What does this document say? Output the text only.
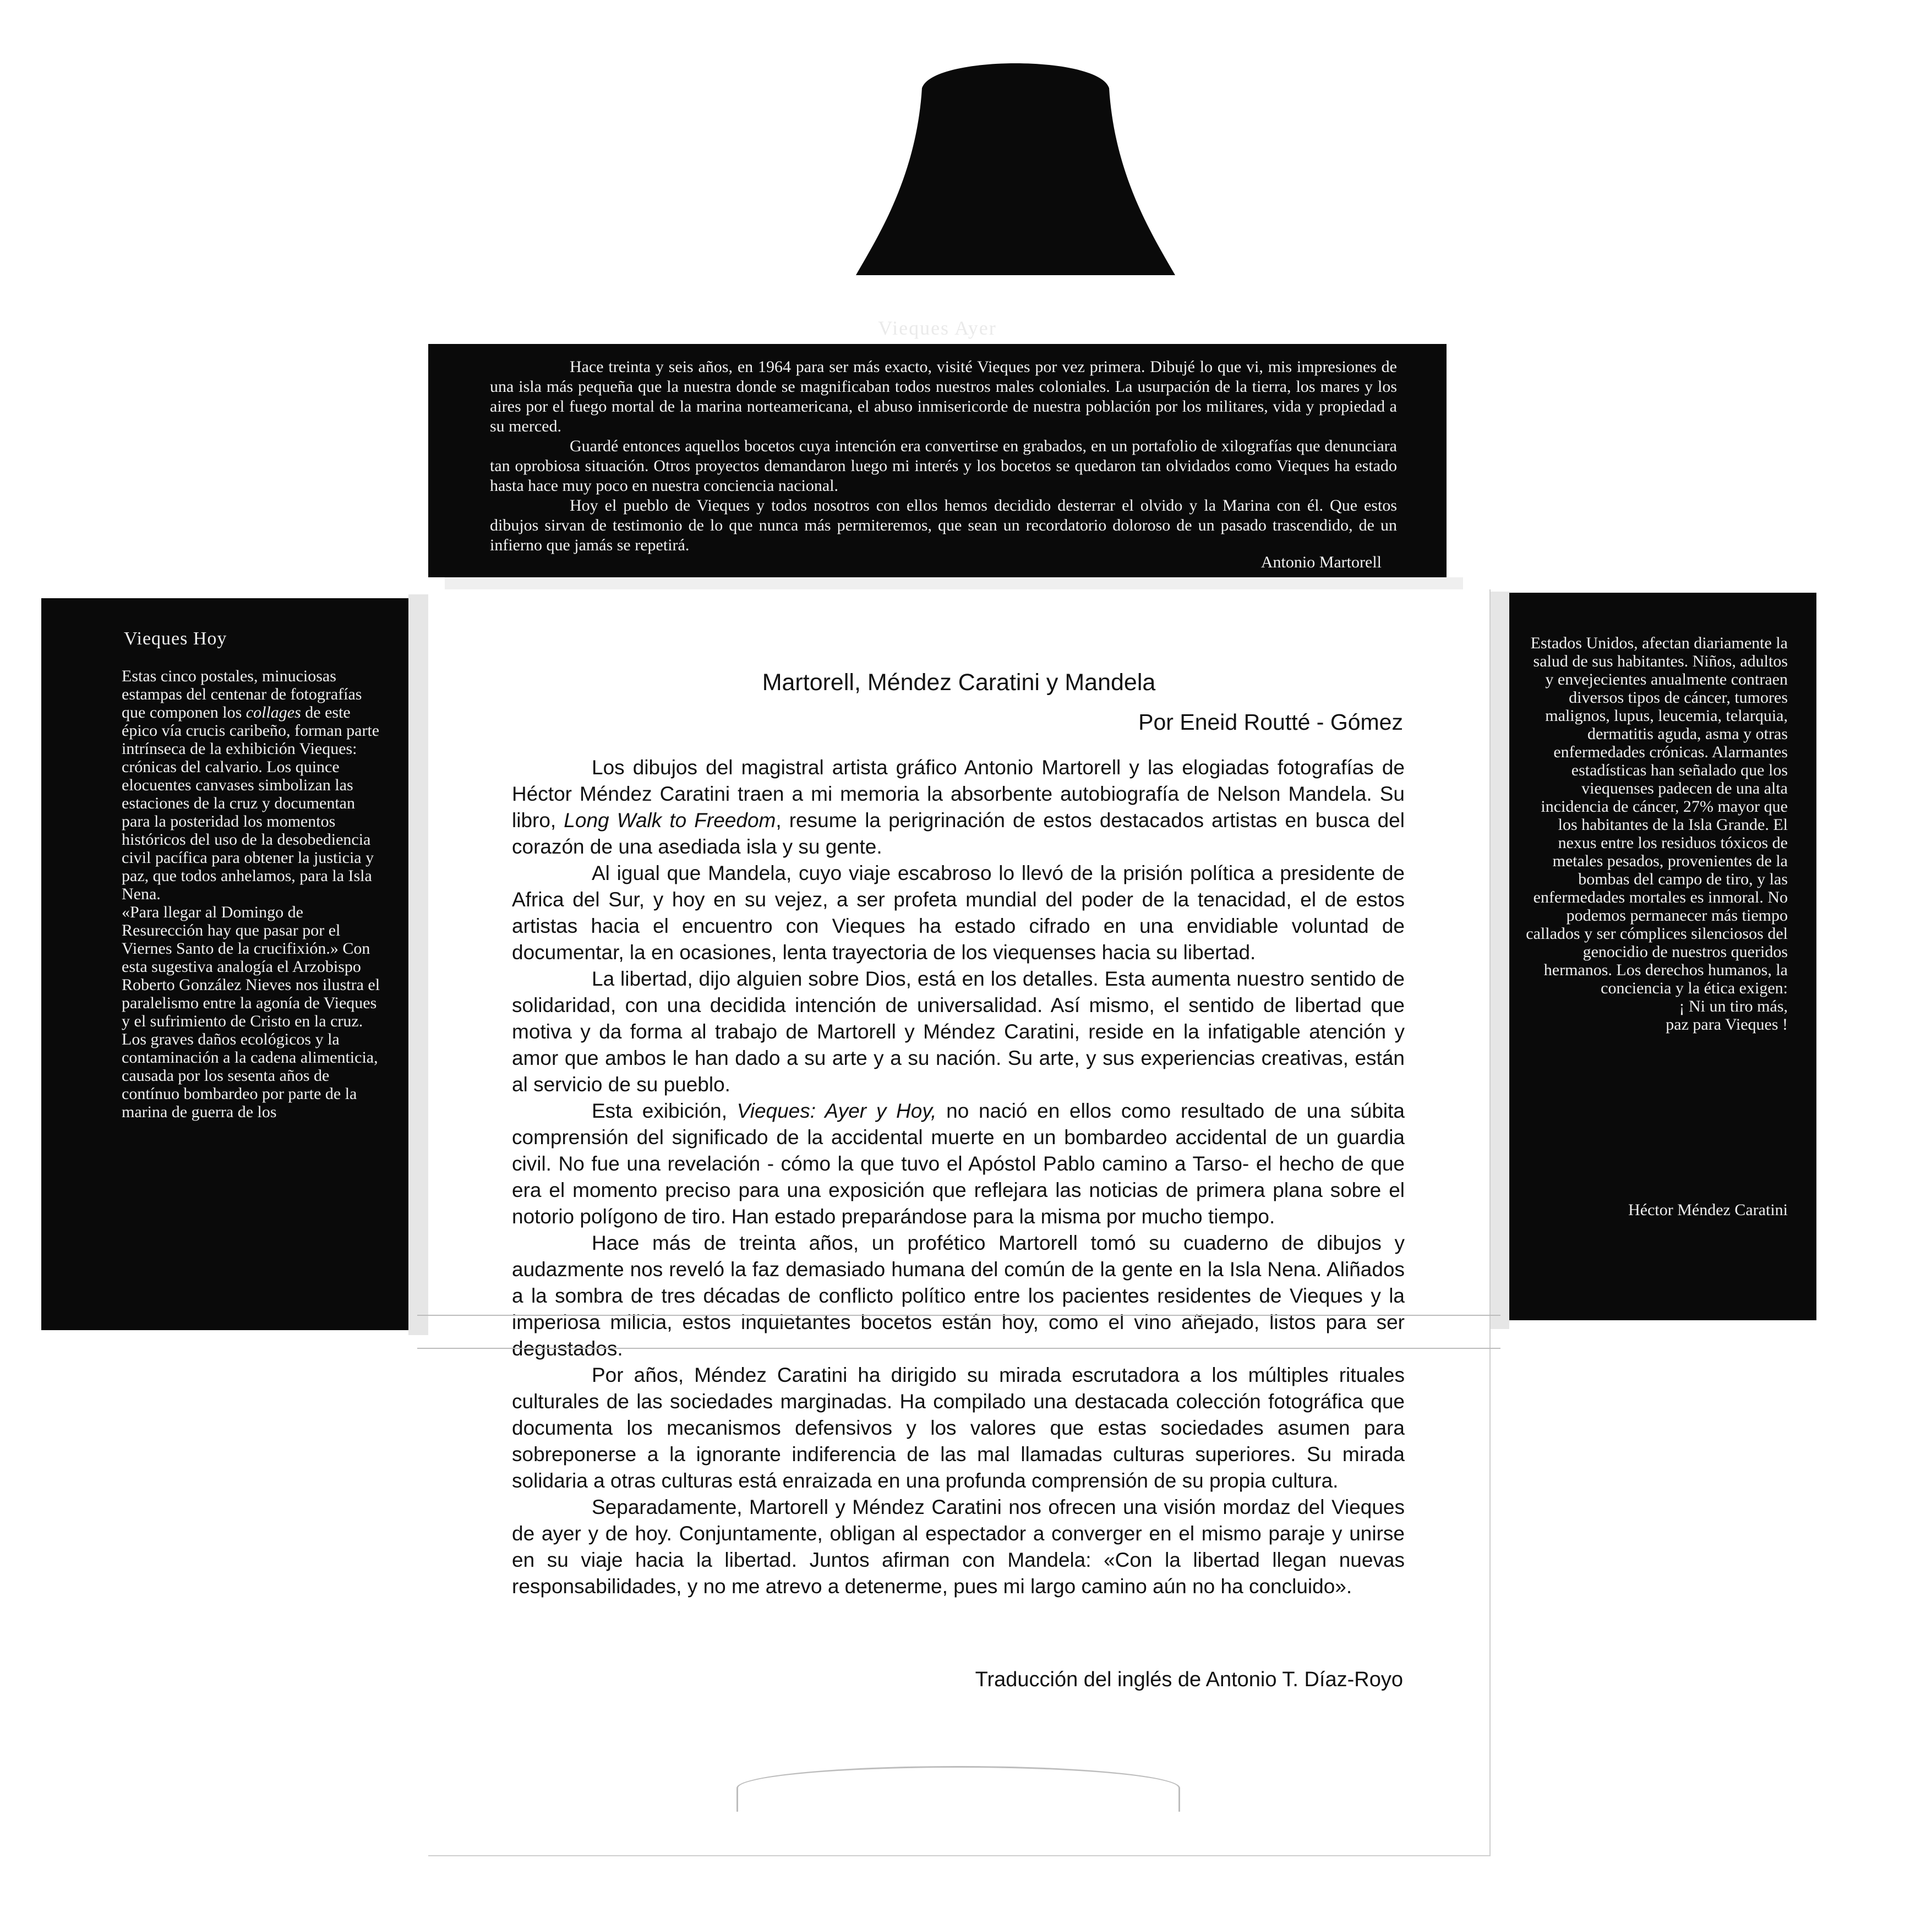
Vieques Ayer

Hace treinta y seis años, en 1964 para ser más exacto, visité Vieques por vez primera. Dibujé lo que vi, mis impresiones de una isla más pequeña que la nuestra donde se magnificaban todos nuestros males coloniales. La usurpación de la tierra, los mares y los aires por el fuego mortal de la marina norteamericana, el abuso inmisericorde de nuestra población por los militares, vida y propiedad a su merced.

Guardé entonces aquellos bocetos cuya intención era convertirse en grabados, en un portafolio de xilografías que denunciara tan oprobiosa situación. Otros proyectos demandaron luego mi interés y los bocetos se quedaron tan olvidados como Vieques ha estado hasta hace muy poco en nuestra conciencia nacional.

Hoy el pueblo de Vieques y todos nosotros con ellos hemos decidido desterrar el olvido y la Marina con él. Que estos dibujos sirvan de testimonio de lo que nunca más permiteremos, que sean un recordatorio doloroso de un pasado trascendido, de un infierno que jamás se repetirá.

Antonio Martorell
Vieques Hoy

Estas cinco postales, minuciosas estampas del centenar de fotografías que componen los collages de este épico vía crucis caribeño, forman parte intrínseca de la exhibición Vieques: crónicas del calvario. Los quince elocuentes canvases simbolizan las estaciones de la cruz y documentan para la posteridad los momentos históricos del uso de la desobediencia civil pacífica para obtener la justicia y paz, que todos anhelamos, para la Isla Nena.

«Para llegar al Domingo de Resurección hay que pasar por el Viernes Santo de la crucifixión.» Con esta sugestiva analogía el Arzobispo Roberto González Nieves nos ilustra el paralelismo entre la agonía de Vieques y el sufrimiento de Cristo en la cruz.

Los graves daños ecológicos y la contaminación a la cadena alimenticia, causada por los sesenta años de contínuo bombardeo por parte de la marina de guerra de los

Estados Unidos, afectan diariamente la salud de sus habitantes. Niños, adultos y envejecientes anualmente contraen diversos tipos de cáncer, tumores malignos, lupus, leucemia, telarquia, dermatitis aguda, asma y otras enfermedades crónicas. Alarmantes estadísticas han señalado que los viequenses padecen de una alta incidencia de cáncer, 27% mayor que los habitantes de la Isla Grande. El nexus entre los residuos tóxicos de metales pesados, provenientes de la bombas del campo de tiro, y las enfermedades mortales es inmoral. No podemos permanecer más tiempo callados y ser cómplices silenciosos del genocidio de nuestros queridos hermanos. Los derechos humanos, la conciencia y la ética exigen:

¡ Ni un tiro más,

paz para Vieques !

Héctor Méndez Caratini
Martorell, Méndez Caratini y Mandela
Por Eneid Routté - Gómez

Los dibujos del magistral artista gráfico Antonio Martorell y las elogiadas fotografías de Héctor Méndez Caratini traen a mi memoria la absorbente autobiografía de Nelson Mandela. Su libro, Long Walk to Freedom, resume la perigrinación de estos destacados artistas en busca del corazón de una asediada isla y su gente.

Al igual que Mandela, cuyo viaje escabroso lo llevó de la prisión política a presidente de Africa del Sur, y hoy en su vejez, a ser profeta mundial del poder de la tenacidad, el de estos artistas hacia el encuentro con Vieques ha estado cifrado en una envidiable voluntad de documentar, la en ocasiones, lenta trayectoria de los viequenses hacia su libertad.

La libertad, dijo alguien sobre Dios, está en los detalles. Esta aumenta nuestro sentido de solidaridad, con una decidida intención de universalidad. Así mismo, el sentido de libertad que motiva y da forma al trabajo de Martorell y Méndez Caratini, reside en la infatigable atención y amor que ambos le han dado a su arte y a su nación. Su arte, y sus experiencias creativas, están al servicio de su pueblo.

Esta exibición, Vieques: Ayer y Hoy, no nació en ellos como resultado de una súbita comprensión del significado de la accidental muerte en un bombardeo accidental de un guardia civil. No fue una revelación - cómo la que tuvo el Apóstol Pablo camino a Tarso- el hecho de que era el momento preciso para una exposición que reflejara las noticias de primera plana sobre el notorio polígono de tiro. Han estado preparándose para la misma por mucho tiempo.

Hace más de treinta años, un profético Martorell tomó su cuaderno de dibujos y audazmente nos reveló la faz demasiado humana del común de la gente en la Isla Nena. Aliñados a la sombra de tres décadas de conflicto político entre los pacientes residentes de Vieques y la imperiosa milicia, estos inquietantes bocetos están hoy, como el vino añejado, listos para ser degustados.

Por años, Méndez Caratini ha dirigido su mirada escrutadora a los múltiples rituales culturales de las sociedades marginadas. Ha compilado una destacada colección fotográfica que documenta los mecanismos defensivos y los valores que estas sociedades asumen para sobreponerse a la ignorante indiferencia de las mal llamadas culturas superiores. Su mirada solidaria a otras culturas está enraizada en una profunda comprensión de su propia cultura.

Separadamente, Martorell y Méndez Caratini nos ofrecen una visión mordaz del Vieques de ayer y de hoy. Conjuntamente, obligan al espectador a converger en el mismo paraje y unirse en su viaje hacia la libertad. Juntos afirman con Mandela: «Con la libertad llegan nuevas responsabilidades, y no me atrevo a detenerme, pues mi largo camino aún no ha concluido».

Traducción del inglés de Antonio T. Díaz-Royo
